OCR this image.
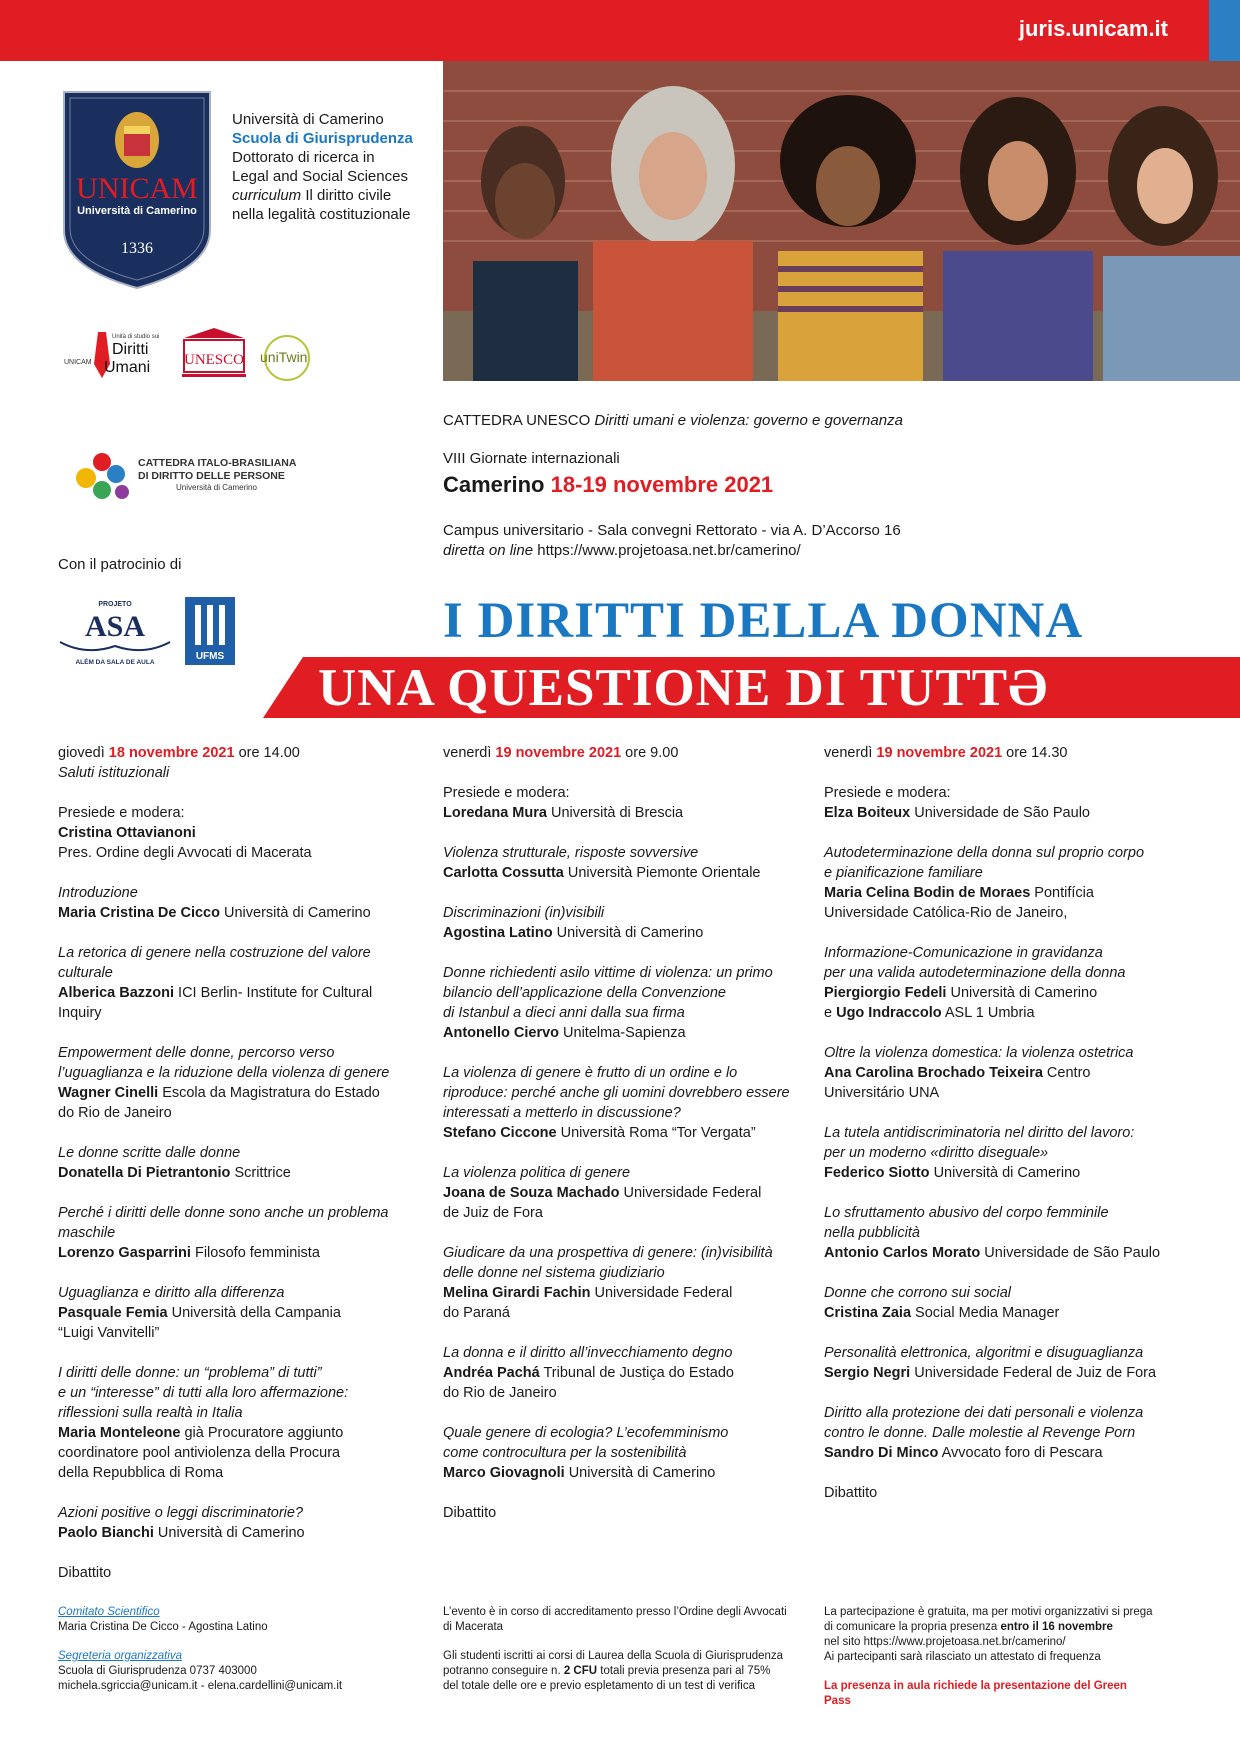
juris.unicam.it
UNICAM
Università di Camerino
1336
Università di Camerino
Scuola di Giurisprudenza
Dottorato di ricerca in
Legal and Social Sciences
curriculum Il diritto civile
nella legalità costituzionale
UNICAM
Unità di studio sui
Diritti
Umani UNESCO uniTwin
CATTEDRA ITALO-BRASILIANA
DI DIRITTO DELLE PERSONE
Università di Camerino
Con il patrocinio di
PROJETO
ASA
ALÉM DA SALA DE AULA
UFMS
CATTEDRA UNESCO Diritti umani e violenza: governo e governanza
VIII Giornate internazionali
Camerino 18-19 novembre 2021
Campus universitario - Sala convegni Rettorato - via A. D’Accorso 16
diretta on line https://www.projetoasa.net.br/camerino/
I DIRITTI DELLA DONNA
UNA QUESTIONE DI TUTTƏ
giovedì 18 novembre 2021 ore 14.00
Saluti istituzionali
Presiede e modera:
Cristina Ottavianoni
Pres. Ordine degli Avvocati di Macerata
Introduzione
Maria Cristina De Cicco Università di Camerino
La retorica di genere nella costruzione del valore
culturale
Alberica Bazzoni ICI Berlin- Institute for Cultural
Inquiry
Empowerment delle donne, percorso verso
l’uguaglianza e la riduzione della violenza di genere
Wagner Cinelli Escola da Magistratura do Estado
do Rio de Janeiro
Le donne scritte dalle donne
Donatella Di Pietrantonio Scrittrice
Perché i diritti delle donne sono anche un problema
maschile
Lorenzo Gasparrini Filosofo femminista
Uguaglianza e diritto alla differenza
Pasquale Femia Università della Campania
“Luigi Vanvitelli”
I diritti delle donne: un “problema” di tutti”
e un “interesse” di tutti alla loro affermazione:
riflessioni sulla realtà in Italia
Maria Monteleone già Procuratore aggiunto
coordinatore pool antiviolenza della Procura
della Repubblica di Roma
Azioni positive o leggi discriminatorie?
Paolo Bianchi Università di Camerino
Dibattito
venerdì 19 novembre 2021 ore 9.00
Presiede e modera:
Loredana Mura Università di Brescia
Violenza strutturale, risposte sovversive
Carlotta Cossutta Università Piemonte Orientale
Discriminazioni (in)visibili
Agostina Latino Università di Camerino
Donne richiedenti asilo vittime di violenza: un primo
bilancio dell’applicazione della Convenzione
di Istanbul a dieci anni dalla sua firma
Antonello Ciervo Unitelma-Sapienza
La violenza di genere è frutto di un ordine e lo
riproduce: perché anche gli uomini dovrebbero essere
interessati a metterlo in discussione?
Stefano Ciccone Università Roma “Tor Vergata”
La violenza politica di genere
Joana de Souza Machado Universidade Federal
de Juiz de Fora
Giudicare da una prospettiva di genere: (in)visibilità
delle donne nel sistema giudiziario
Melina Girardi Fachin Universidade Federal
do Paraná
La donna e il diritto all’invecchiamento degno
Andréa Pachá Tribunal de Justiça do Estado
do Rio de Janeiro
Quale genere di ecologia? L’ecofemminismo
come controcultura per la sostenibilità
Marco Giovagnoli Università di Camerino
Dibattito
venerdì 19 novembre 2021 ore 14.30
Presiede e modera:
Elza Boiteux Universidade de São Paulo
Autodeterminazione della donna sul proprio corpo
e pianificazione familiare
Maria Celina Bodin de Moraes Pontifícia
Universidade Católica-Rio de Janeiro,
Informazione-Comunicazione in gravidanza
per una valida autodeterminazione della donna
Piergiorgio Fedeli Università di Camerino
e Ugo Indraccolo ASL 1 Umbria
Oltre la violenza domestica: la violenza ostetrica
Ana Carolina Brochado Teixeira Centro
Universitário UNA
La tutela antidiscriminatoria nel diritto del lavoro:
per un moderno «diritto diseguale»
Federico Siotto Università di Camerino
Lo sfruttamento abusivo del corpo femminile
nella pubblicità
Antonio Carlos Morato Universidade de São Paulo
Donne che corrono sui social
Cristina Zaia Social Media Manager
Personalità elettronica, algoritmi e disuguaglianza
Sergio Negri Universidade Federal de Juiz de Fora
Diritto alla protezione dei dati personali e violenza
contro le donne. Dalle molestie al Revenge Porn
Sandro Di Minco Avvocato foro di Pescara
Dibattito
Comitato Scientifico
Maria Cristina De Cicco - Agostina Latino
Segreteria organizzativa
Scuola di Giurisprudenza 0737 403000
michela.sgriccia@unicam.it - elena.cardellini@unicam.it
L’evento è in corso di accreditamento presso l’Ordine degli Avvocati
di Macerata
Gli studenti iscritti ai corsi di Laurea della Scuola di Giurisprudenza
potranno conseguire n. 2 CFU totali previa presenza pari al 75%
del totale delle ore e previo espletamento di un test di verifica
La partecipazione è gratuita, ma per motivi organizzativi si prega
di comunicare la propria presenza entro il 16 novembre
nel sito https://www.projetoasa.net.br/camerino/
Ai partecipanti sarà rilasciato un attestato di frequenza
La presenza in aula richiede la presentazione del Green Pass
